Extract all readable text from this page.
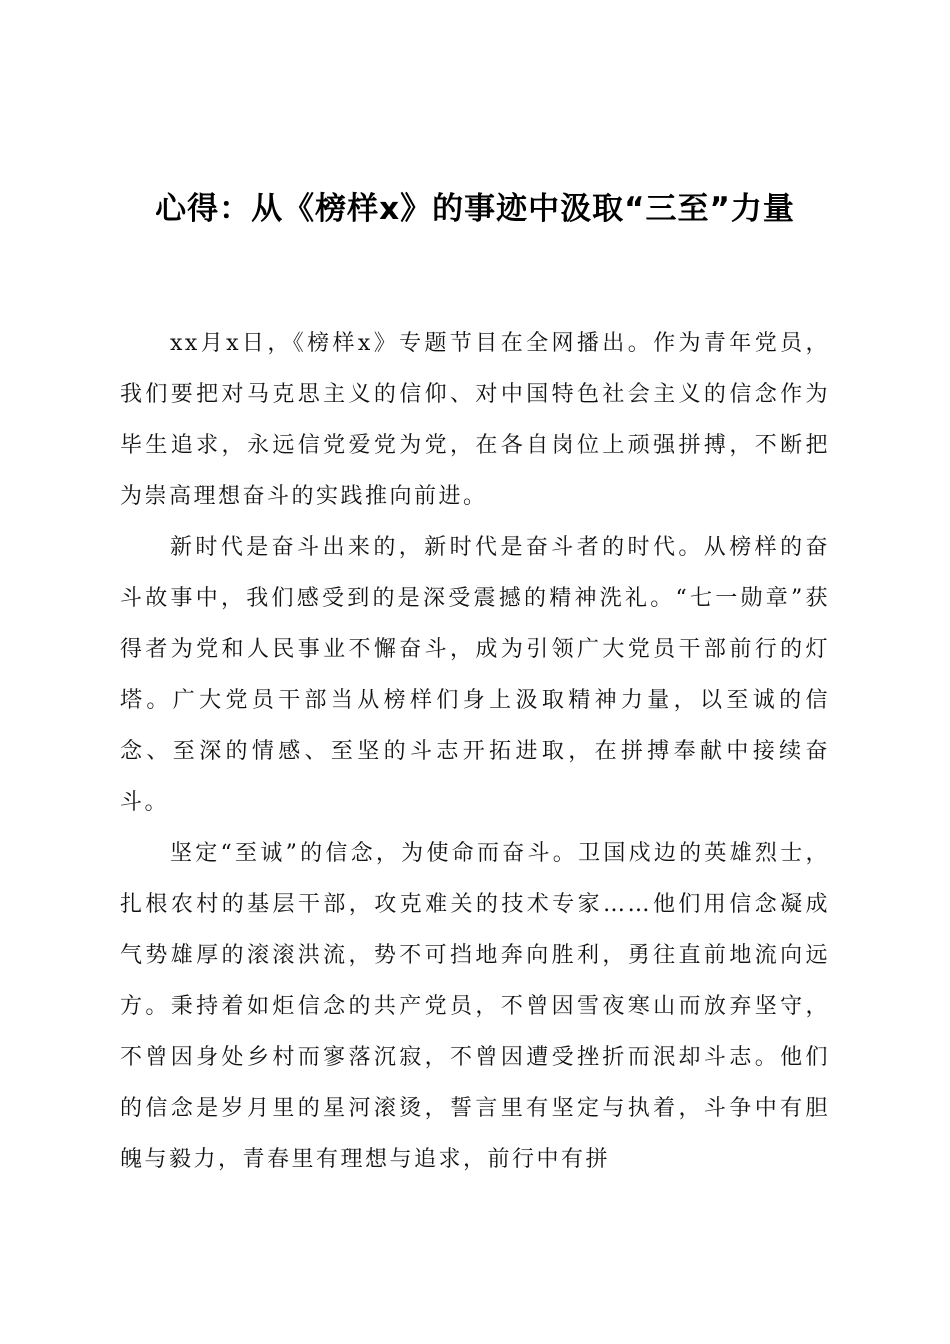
心得：从《榜样x》的事迹中汲取“三至”力量

xx月x日，《榜样x》专题节目在全网播出。作为青年党员，我们要把对马克思主义的信仰、对中国特色社会主义的信念作为毕生追求，永远信党爱党为党，在各自岗位上顽强拼搏，不断把为崇高理想奋斗的实践推向前进。

新时代是奋斗出来的，新时代是奋斗者的时代。从榜样的奋斗故事中，我们感受到的是深受震撼的精神洗礼。“七一勋章”获得者为党和人民事业不懈奋斗，成为引领广大党员干部前行的灯塔。广大党员干部当从榜样们身上汲取精神力量，以至诚的信念、至深的情感、至坚的斗志开拓进取，在拼搏奉献中接续奋斗。

坚定“至诚”的信念，为使命而奋斗。卫国戍边的英雄烈士，扎根农村的基层干部，攻克难关的技术专家……他们用信念凝成气势雄厚的滚滚洪流，势不可挡地奔向胜利，勇往直前地流向远方。秉持着如炬信念的共产党员，不曾因雪夜寒山而放弃坚守，不曾因身处乡村而寥落沉寂，不曾因遭受挫折而泯却斗志。他们的信念是岁月里的星河滚烫，誓言里有坚定与执着，斗争中有胆魄与毅力，青春里有理想与追求，前行中有拼
